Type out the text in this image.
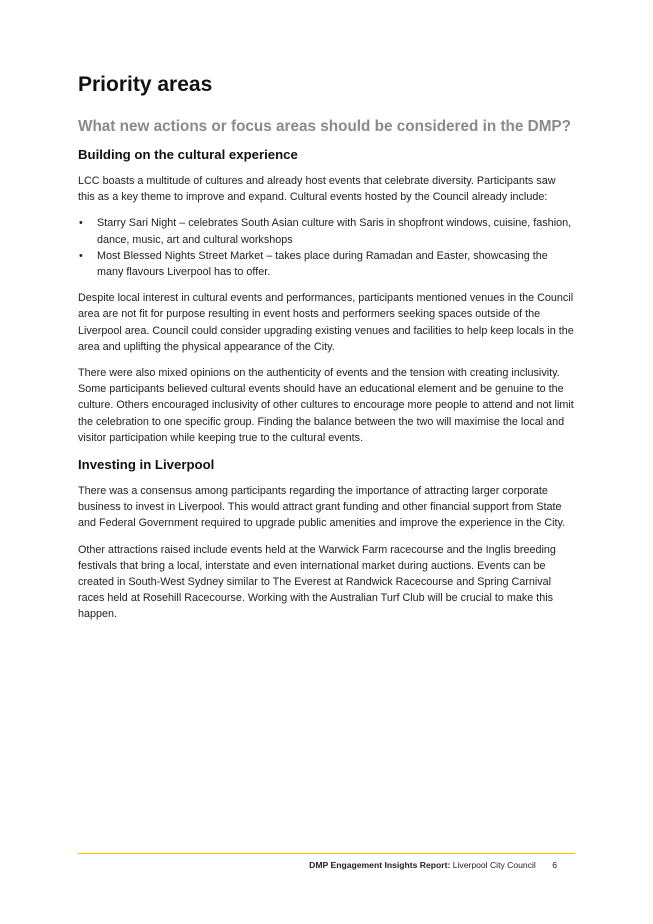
Priority areas
What new actions or focus areas should be considered in the DMP?
Building on the cultural experience

LCC boasts a multitude of cultures and already host events that celebrate diversity. Participants saw this as a key theme to improve and expand. Cultural events hosted by the Council already include:

• Starry Sari Night – celebrates South Asian culture with Saris in shopfront windows, cuisine, fashion, dance, music, art and cultural workshops
• Most Blessed Nights Street Market – takes place during Ramadan and Easter, showcasing the many flavours Liverpool has to offer.

Despite local interest in cultural events and performances, participants mentioned venues in the Council area are not fit for purpose resulting in event hosts and performers seeking spaces outside of the Liverpool area. Council could consider upgrading existing venues and facilities to help keep locals in the area and uplifting the physical appearance of the City.

There were also mixed opinions on the authenticity of events and the tension with creating inclusivity. Some participants believed cultural events should have an educational element and be genuine to the culture. Others encouraged inclusivity of other cultures to encourage more people to attend and not limit the celebration to one specific group. Finding the balance between the two will maximise the local and visitor participation while keeping true to the cultural events.

Investing in Liverpool

There was a consensus among participants regarding the importance of attracting larger corporate business to invest in Liverpool. This would attract grant funding and other financial support from State and Federal Government required to upgrade public amenities and improve the experience in the City.

Other attractions raised include events held at the Warwick Farm racecourse and the Inglis breeding festivals that bring a local, interstate and even international market during auctions. Events can be created in South-West Sydney similar to The Everest at Randwick Racecourse and Spring Carnival races held at Rosehill Racecourse. Working with the Australian Turf Club will be crucial to make this happen.

DMP Engagement Insights Report: Liverpool City Council 6
